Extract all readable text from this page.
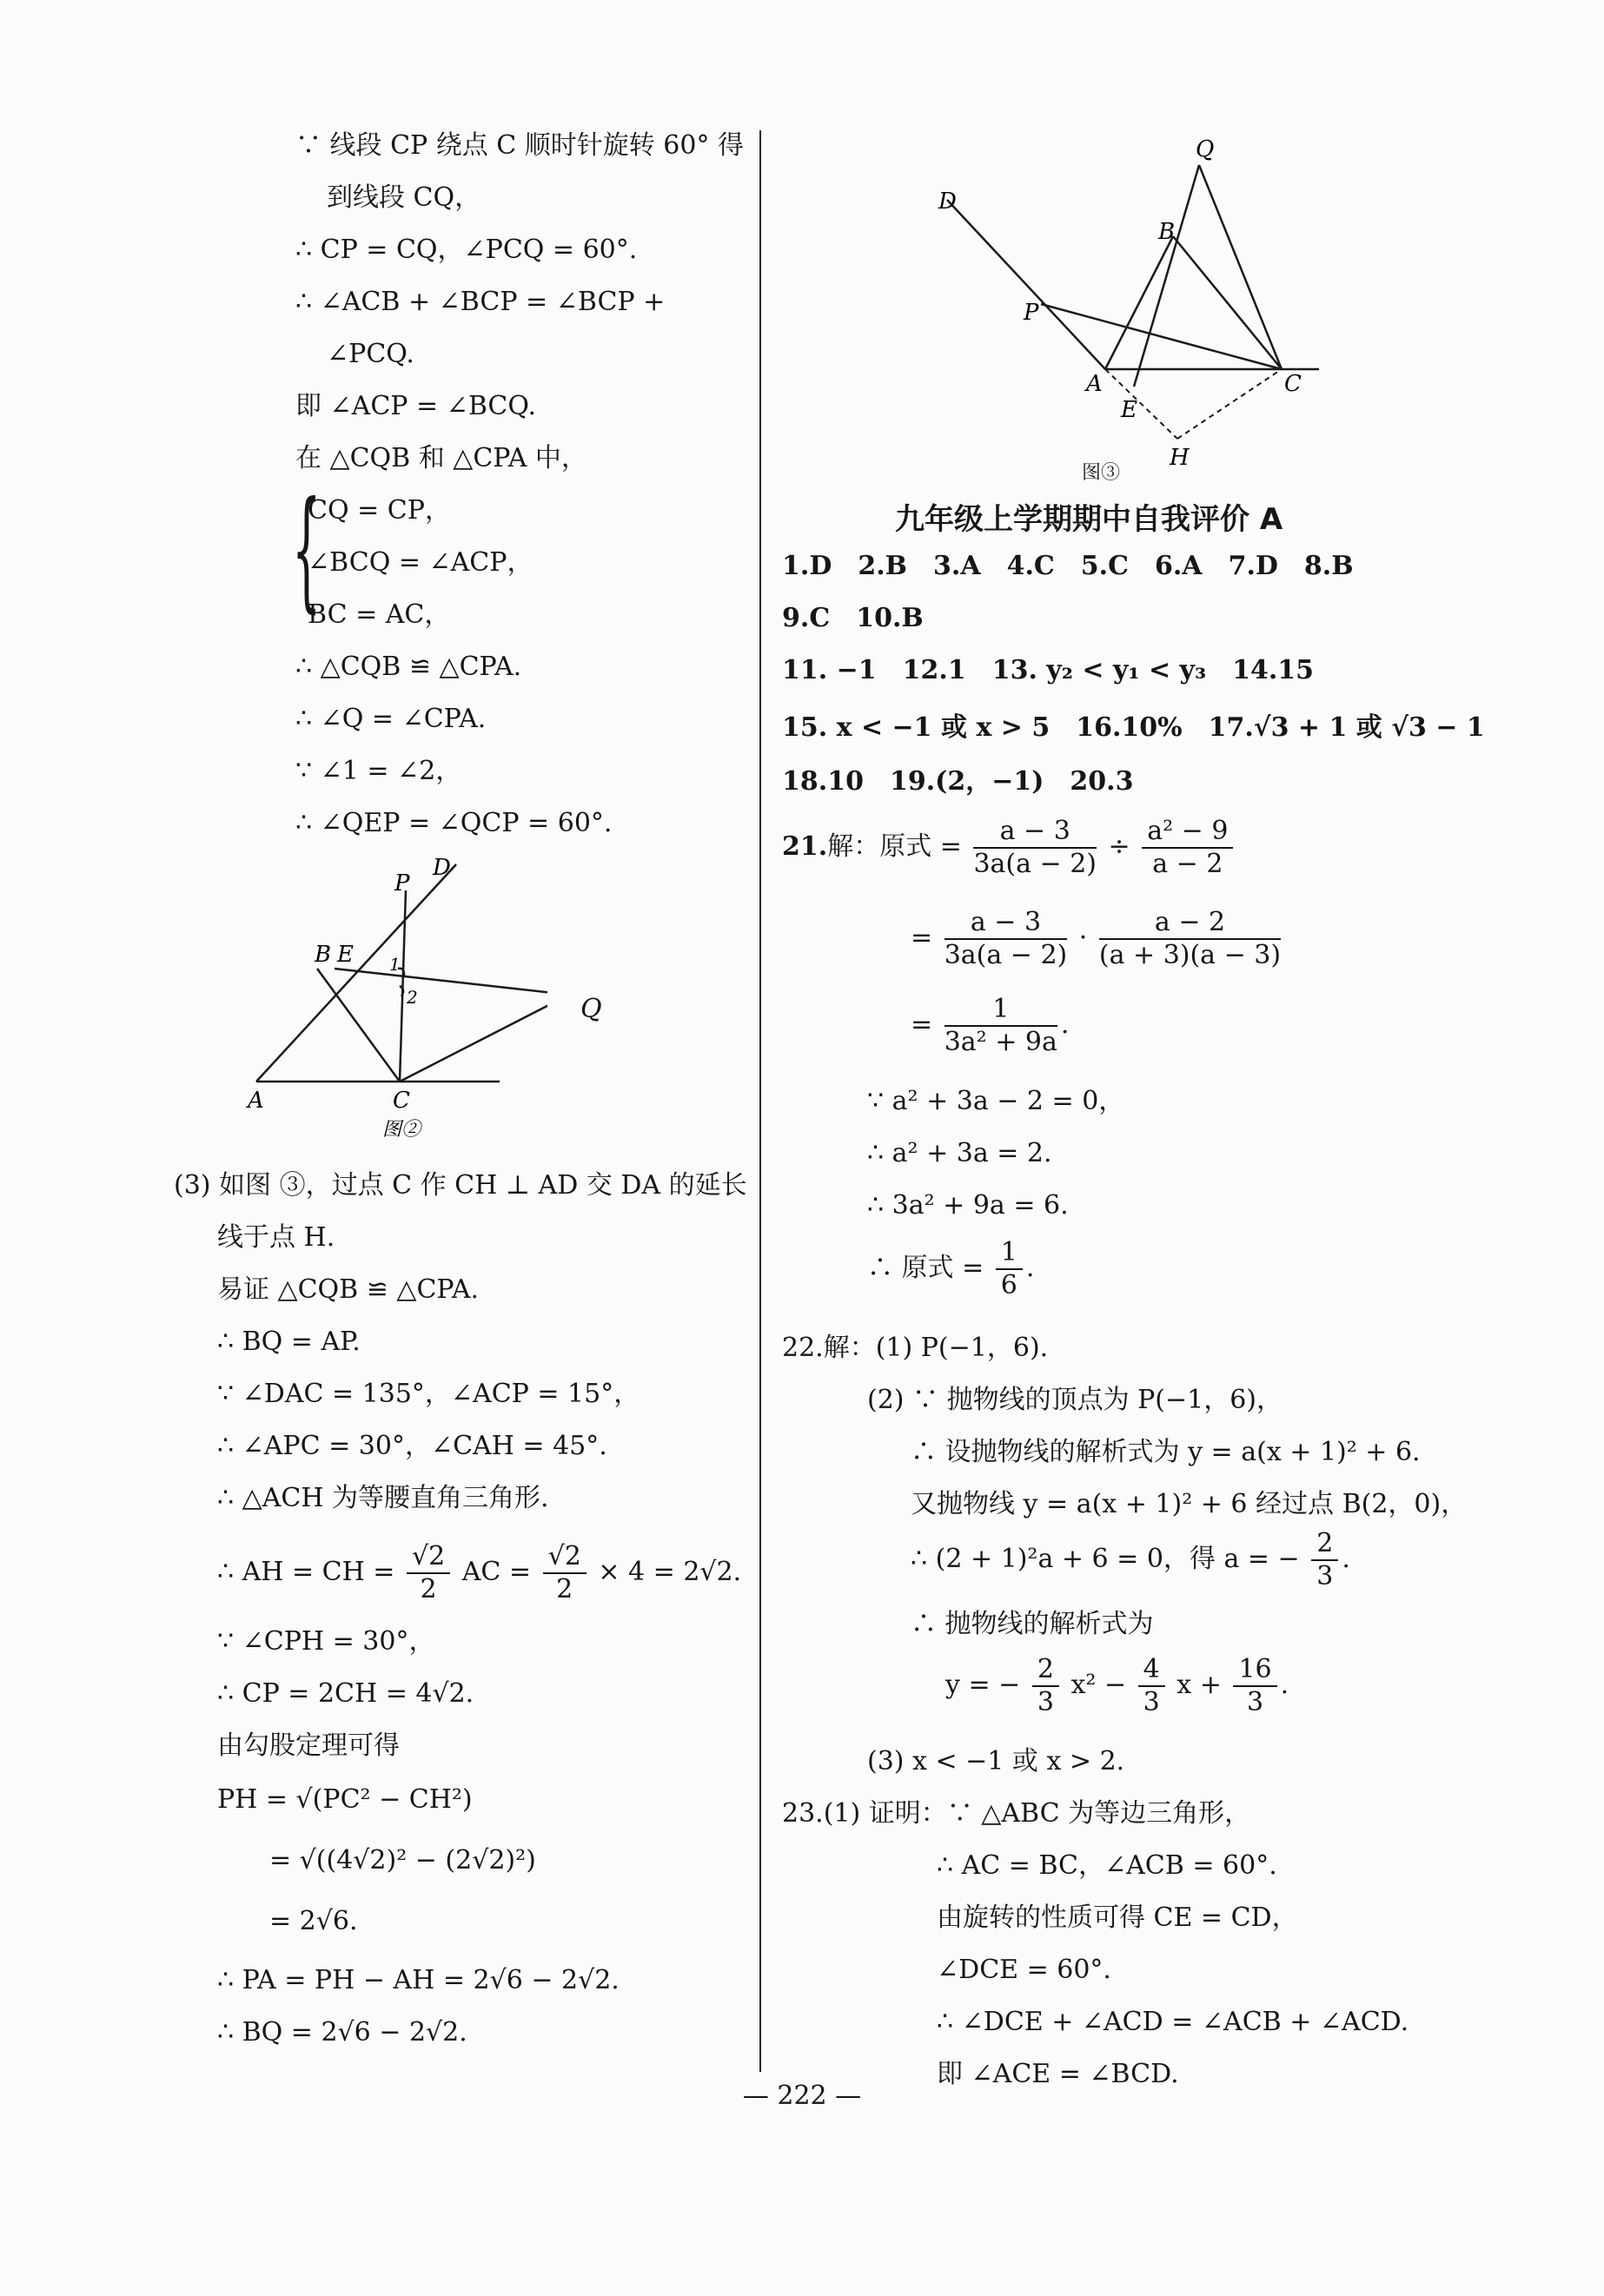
∵ 线段 CP 绕点 C 顺时针旋转 60° 得
到线段 CQ，
∴ CP = CQ，∠PCQ = 60°.
∴ ∠ACB + ∠BCP = ∠BCP +
∠PCQ.
即 ∠ACP = ∠BCQ.
在 △CQB 和 △CPA 中，
{
CQ = CP，
∠BCQ = ∠ACP，
BC = AC，
∴ △CQB ≌ △CPA.
∴ ∠Q = ∠CPA.
∵ ∠1 = ∠2，
∴ ∠QEP = ∠QCP = 60°.
P
D
B E 1
2
A	C
图②
Q
(3) 如图 ③，过点 C 作 CH ⊥ AD 交 DA 的延长
线于点 H.
易证 △CQB ≌ △CPA.
∴ BQ = AP.
∵ ∠DAC = 135°，∠ACP = 15°，
∴ ∠APC = 30°，∠CAH = 45°.
∴ △ACH 为等腰直角三角形.
∴ AH = CH = $\frac{√2}{2}$ AC = $\frac{√2}{2} \times 4 = 2√2$.
∵ ∠CPH = 30°，
∴ CP = 2CH = 4√2.
由勾股定理可得
PH = √(PC² − CH²)
= √((4√2)² − (2√2)²)
= 2√6.
∴ PA = PH − AH = 2√6 − 2√2.
∴ BQ = 2√6 − 2√2.
Q
D
B
P
A	C
E
H
图③
九年级上学期期中自我评价 A
1.D　2.B　3.A　4.C　5.C　6.A　7.D　8.B
9.C　10.B
11. −1　12.1　13. y₂ < y₁ < y₃　14.15
15. x < −1 或 x > 5　16.10%　17.√3 + 1 或 √3 − 1
18.10　19.(2，−1)　20.3
21.解：原式 = $\frac{a - 3}{3a(a - 2)} \div \frac{\text{a² − 9}}{a - 2}$
= $\frac{a - 3}{3a(a - 2)} \cdot \frac{a - 2}{(a + 3)(a - 3)}$
= $\frac{1}{\text{3a² + 9a}}$ .
∵ a² + 3a − 2 = 0，
∴ a² + 3a = 2.
∴ 3a² + 9a = 6.
∴ 原式 = $\frac{1}{6}$ .
22.解：(1) P(−1，6).
(2) ∵ 抛物线的顶点为 P(−1，6)，
∴ 设抛物线的解析式为 y = a(x + 1)² + 6.
又抛物线 y = a(x + 1)² + 6 经过点 B(2，0)，
∴ (2 + 1)²a + 6 = 0，得 a = − $\frac{2}{3}$ .
∴ 抛物线的解析式为
y = − $\frac{2}{3} x^2 - \frac{4}{3}$ $x + \frac{16}{3}$ .
(3) x < −1 或 x > 2.
23.(1) 证明：∵ △ABC 为等边三角形，
∴ AC = BC，∠ACB = 60°.
由旋转的性质可得 CE = CD，
∠DCE = 60°.
∴ ∠DCE + ∠ACD = ∠ACB + ∠ACD.
即 ∠ACE = ∠BCD.
— 222 —
